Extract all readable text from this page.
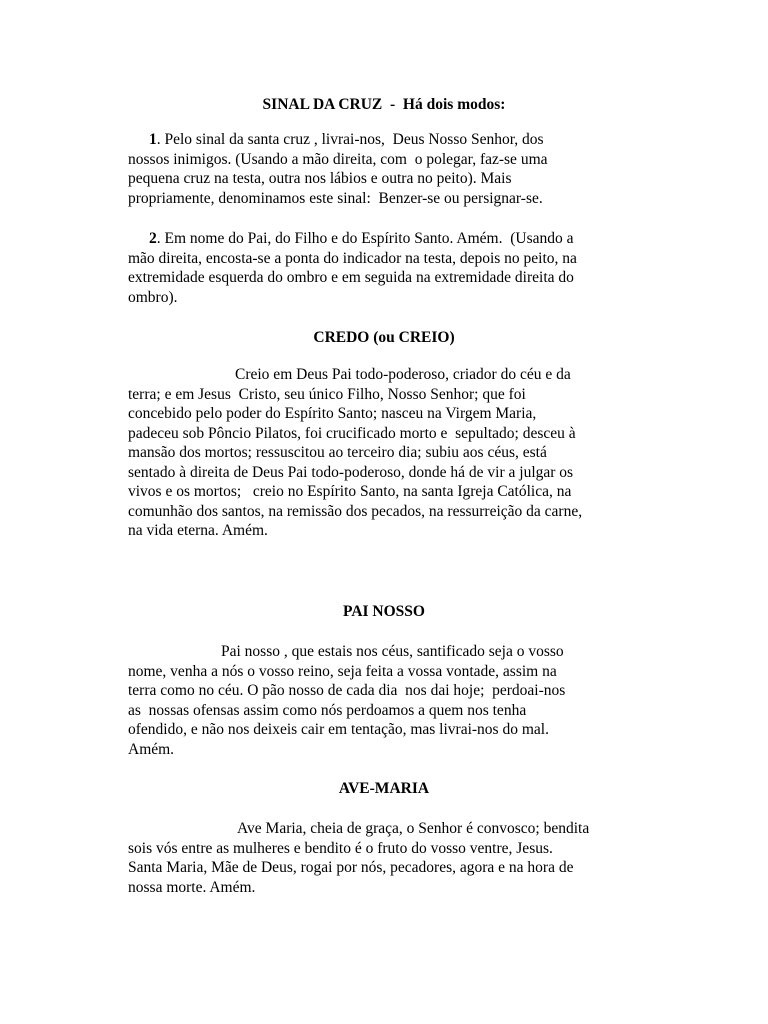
SINAL DA CRUZ  -  Há dois modos:
1. Pelo sinal da santa cruz , livrai-nos,  Deus Nosso Senhor, dos
nossos inimigos. (Usando a mão direita, com  o polegar, faz-se uma
pequena cruz na testa, outra nos lábios e outra no peito). Mais
propriamente, denominamos este sinal:  Benzer-se ou persignar-se.
2. Em nome do Pai, do Filho e do Espírito Santo. Amém.  (Usando a
mão direita, encosta-se a ponta do indicador na testa, depois no peito, na
extremidade esquerda do ombro e em seguida na extremidade direita do
ombro).
CREDO (ou CREIO)
Creio em Deus Pai todo-poderoso, criador do céu e da
terra; e em Jesus  Cristo, seu único Filho, Nosso Senhor; que foi
concebido pelo poder do Espírito Santo; nasceu na Virgem Maria,
padeceu sob Pôncio Pilatos, foi crucificado morto e  sepultado; desceu à
mansão dos mortos; ressuscitou ao terceiro dia; subiu aos céus, está
sentado à direita de Deus Pai todo-poderoso, donde há de vir a julgar os
vivos e os mortos;   creio no Espírito Santo, na santa Igreja Católica, na
comunhão dos santos, na remissão dos pecados, na ressurreição da carne,
na vida eterna. Amém.
PAI NOSSO
Pai nosso , que estais nos céus, santificado seja o vosso
nome, venha a nós o vosso reino, seja feita a vossa vontade, assim na
terra como no céu. O pão nosso de cada dia  nos dai hoje;  perdoai-nos
as  nossas ofensas assim como nós perdoamos a quem nos tenha
ofendido, e não nos deixeis cair em tentação, mas livrai-nos do mal.
Amém.
AVE-MARIA
Ave Maria, cheia de graça, o Senhor é convosco; bendita
sois vós entre as mulheres e bendito é o fruto do vosso ventre, Jesus.
Santa Maria, Mãe de Deus, rogai por nós, pecadores, agora e na hora de
nossa morte. Amém.
